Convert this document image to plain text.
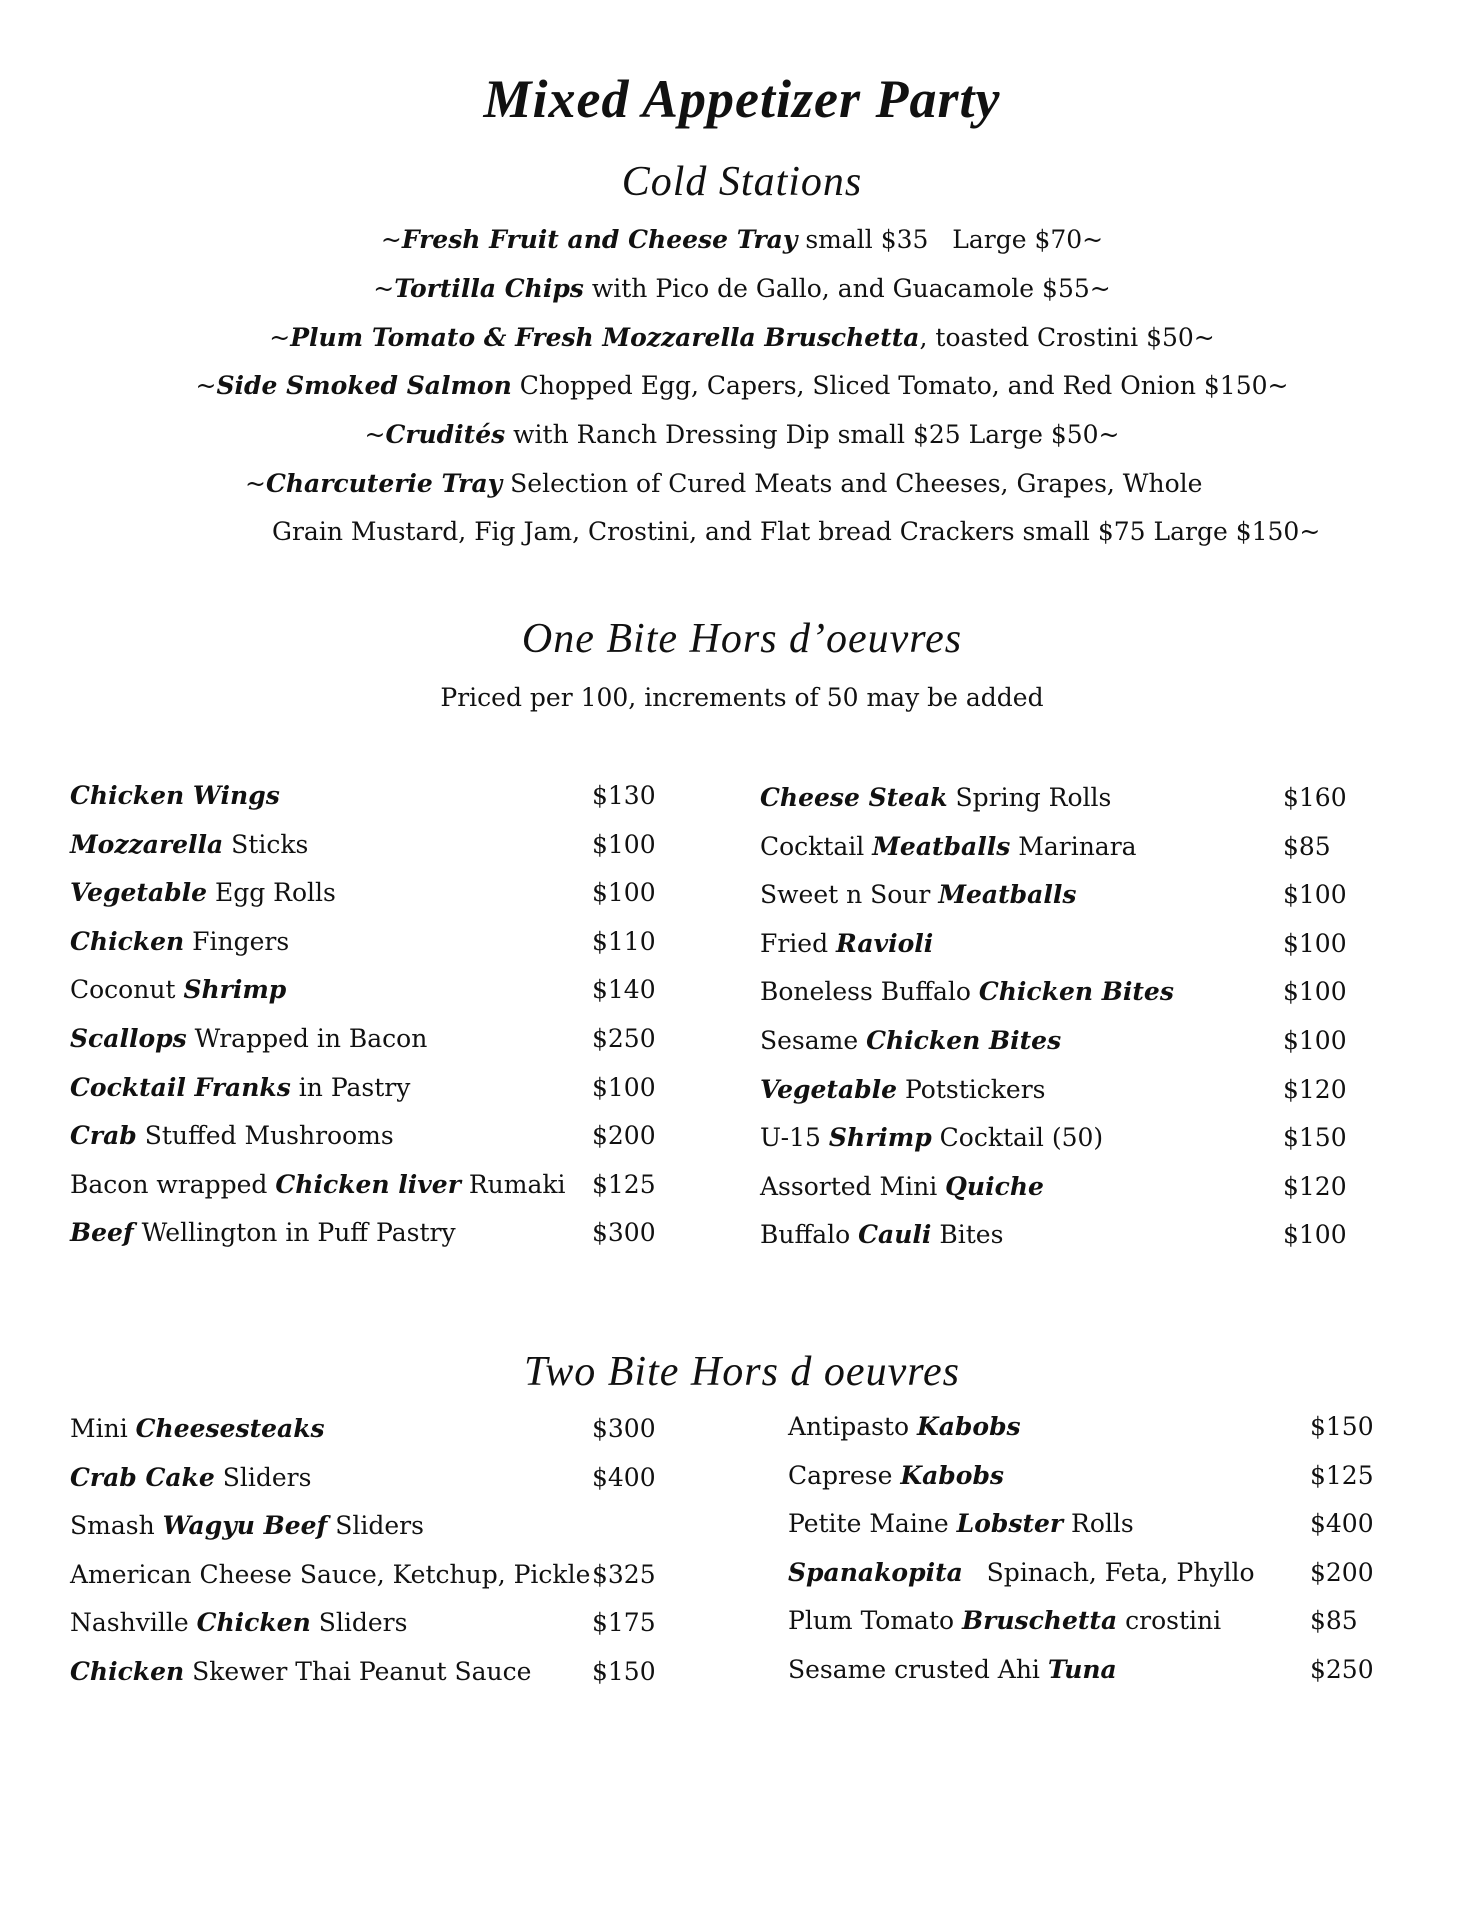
Mixed Appetizer Party
Cold Stations
~Fresh Fruit and Cheese Tray small $35   Large $70~
~Tortilla Chips with Pico de Gallo, and Guacamole $55~
~Plum Tomato & Fresh Mozzarella Bruschetta, toasted Crostini $50~
~Side Smoked Salmon Chopped Egg, Capers, Sliced Tomato, and Red Onion $150~
~Crudités with Ranch Dressing Dip small $25 Large $50~
~Charcuterie Tray Selection of Cured Meats and Cheeses, Grapes, Whole
Grain Mustard, Fig Jam, Crostini, and Flat bread Crackers small $75 Large $150~
One Bite Hors d’oeuvres
Priced per 100, increments of 50 may be added
Chicken Wings	$130
Mozzarella Sticks	$100
Vegetable Egg Rolls	$100
Chicken Fingers	$110
Coconut Shrimp	$140
Scallops Wrapped in Bacon	$250
Cocktail Franks in Pastry	$100
Crab Stuffed Mushrooms	$200
Bacon wrapped Chicken liver Rumaki $125
Beef Wellington in Puff Pastry	$300
Cheese Steak Spring Rolls	$160
Cocktail Meatballs Marinara	$85
Sweet n Sour Meatballs	$100
Fried Ravioli	$100
Boneless Buffalo Chicken Bites	$100
Sesame Chicken Bites	$100
Vegetable Potstickers	$120
U-15 Shrimp Cocktail (50)	$150
Assorted Mini Quiche	$120
Buffalo Cauli Bites	$100
Two Bite Hors d oeuvres
Mini Cheesesteaks	$300
Crab Cake Sliders	$400
Smash Wagyu Beef Sliders
American Cheese Sauce, Ketchup, Pickle $325
Nashville Chicken Sliders	$175
Chicken Skewer Thai Peanut Sauce $150
Antipasto Kabobs	$150
Caprese Kabobs	$125
Petite Maine Lobster Rolls	$400
Spanakopita   Spinach, Feta, Phyllo $200
Plum Tomato Bruschetta crostini	$85
Sesame crusted Ahi Tuna	$250
